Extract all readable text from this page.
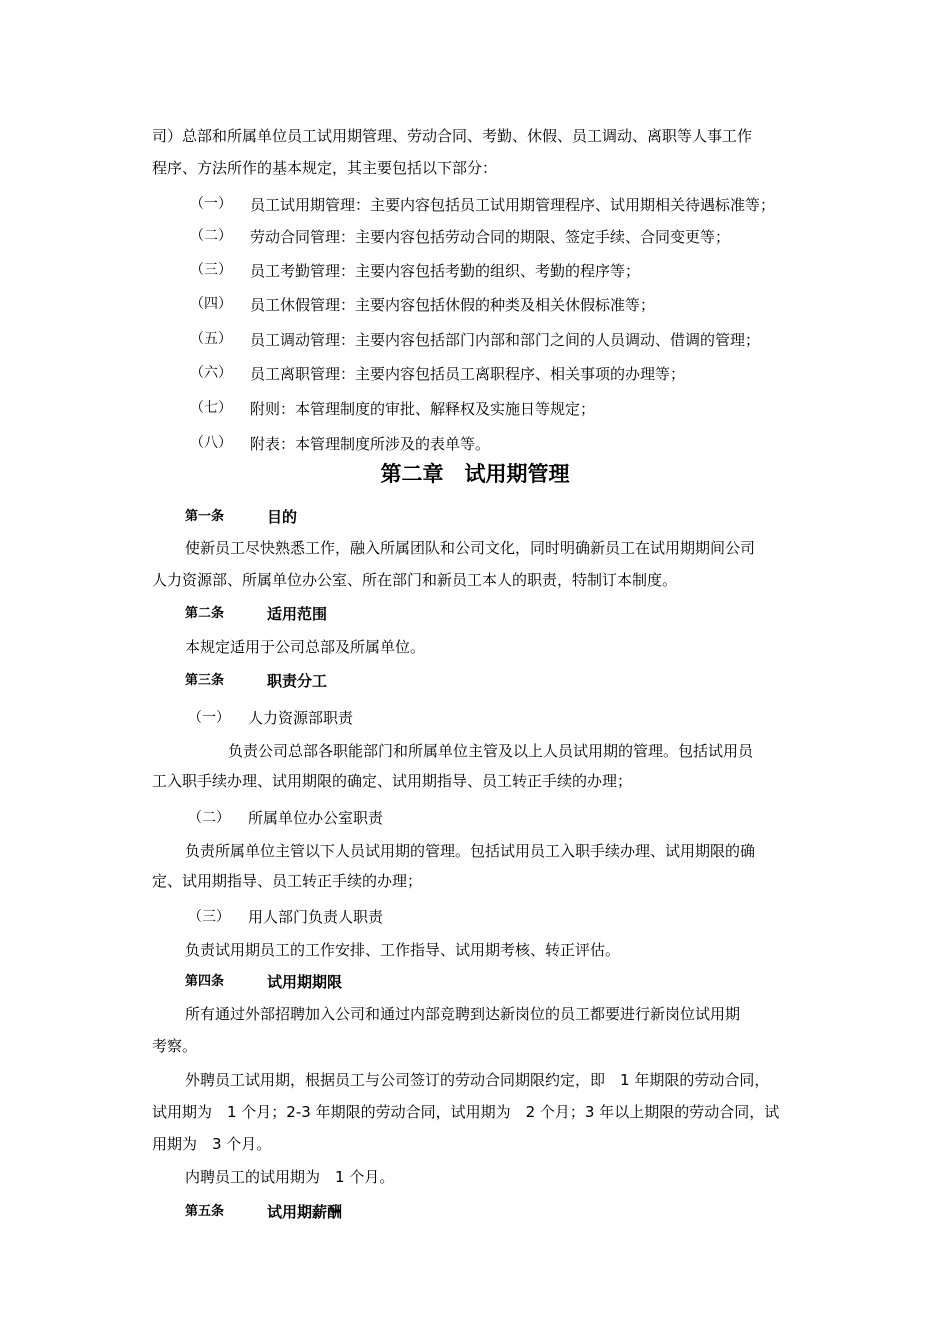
司）总部和所属单位员工试用期管理、劳动合同、考勤、休假、员工调动、离职等人事工作
程序、方法所作的基本规定，其主要包括以下部分：
（一） 员工试用期管理：主要内容包括员工试用期管理程序、试用期相关待遇标准等；
（二） 劳动合同管理：主要内容包括劳动合同的期限、签定手续、合同变更等；
（三） 员工考勤管理：主要内容包括考勤的组织、考勤的程序等；
（四） 员工休假管理：主要内容包括休假的种类及相关休假标准等；
（五） 员工调动管理：主要内容包括部门内部和部门之间的人员调动、借调的管理；
（六） 员工离职管理：主要内容包括员工离职程序、相关事项的办理等；
（七） 附则：本管理制度的审批、解释权及实施日等规定；
（八） 附表：本管理制度所涉及的表单等。
第二章　试用期管理
第一条	目的
使新员工尽快熟悉工作，融入所属团队和公司文化，同时明确新员工在试用期期间公司
人力资源部、所属单位办公室、所在部门和新员工本人的职责，特制订本制度。
第二条	适用范围
本规定适用于公司总部及所属单位。
第三条	职责分工
（一） 人力资源部职责
负责公司总部各职能部门和所属单位主管及以上人员试用期的管理。包括试用员
工入职手续办理、试用期限的确定、试用期指导、员工转正手续的办理；
（二） 所属单位办公室职责
负责所属单位主管以下人员试用期的管理。包括试用员工入职手续办理、试用期限的确
定、试用期指导、员工转正手续的办理；
（三） 用人部门负责人职责
负责试用期员工的工作安排、工作指导、试用期考核、转正评估。
第四条	试用期期限
所有通过外部招聘加入公司和通过内部竞聘到达新岗位的员工都要进行新岗位试用期
考察。
外聘员工试用期，根据员工与公司签订的劳动合同期限约定，即　1 年期限的劳动合同，
试用期为　1 个月；2-3 年期限的劳动合同，试用期为　2 个月；3 年以上期限的劳动合同，试
用期为　3 个月。
内聘员工的试用期为　1 个月。
第五条	试用期薪酬
